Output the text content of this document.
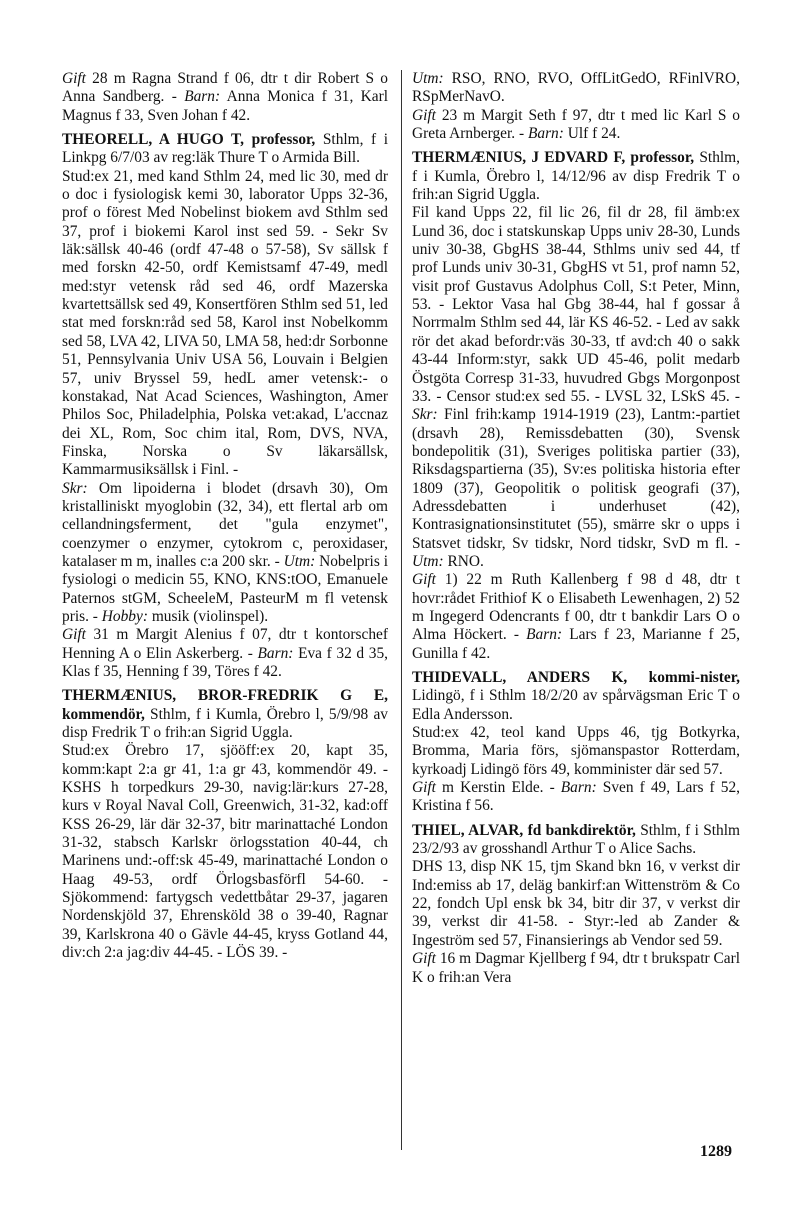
Gift 28 m Ragna Strand f 06, dtr t dir Robert S o Anna Sandberg. - Barn: Anna Monica f 31, Karl Magnus f 33, Sven Johan f 42.

THEORELL, A HUGO T, professor, Sthlm, f i Linkpg 6/7/03 av reg:läk Thure T o Armida Bill.

Stud:ex 21, med kand Sthlm 24, med lic 30, med dr o doc i fysiologisk kemi 30, laborator Upps 32-36, prof o förest Med Nobelinst biokem avd Sthlm sed 37, prof i biokemi Karol inst sed 59. - Sekr Sv läk:sällsk 40-46 (ordf 47-48 o 57-58), Sv sällsk f med forskn 42-50, ordf Kemistsamf 47-49, medl med:styr vetensk råd sed 46, ordf Mazerska kvartettsällsk sed 49, Konsertfören Sthlm sed 51, led stat med forskn:råd sed 58, Karol inst Nobelkomm sed 58, LVA 42, LIVA 50, LMA 58, hed:dr Sorbonne 51, Pennsylvania Univ USA 56, Louvain i Belgien 57, univ Bryssel 59, hedL amer vetensk:- o konstakad, Nat Acad Sciences, Washington, Amer Philos Soc, Philadelphia, Polska vet:akad, L'accnaz dei XL, Rom, Soc chim ital, Rom, DVS, NVA, Finska, Norska o Sv läkarsällsk, Kammarmusiksällsk i Finl. -

Skr: Om lipoiderna i blodet (drsavh 30), Om kristalliniskt myoglobin (32, 34), ett flertal arb om cellandningsferment, det "gula enzymet", coenzymer o enzymer, cytokrom c, peroxidaser, katalaser m m, inalles c:a 200 skr. - Utm: Nobelpris i fysiologi o medicin 55, KNO, KNS:tOO, Emanuele Paternos stGM, ScheeleM, PasteurM m fl vetensk pris. - Hobby: musik (violinspel).

Gift 31 m Margit Alenius f 07, dtr t kontorschef Henning A o Elin Askerberg. - Barn: Eva f 32 d 35, Klas f 35, Henning f 39, Töres f 42.

THERMÆNIUS, BROR-FREDRIK G E, kommendör, Sthlm, f i Kumla, Örebro l, 5/9/98 av disp Fredrik T o frih:an Sigrid Uggla.

Stud:ex Örebro 17, sjööff:ex 20, kapt 35, komm:kapt 2:a gr 41, 1:a gr 43, kommendör 49. - KSHS h torpedkurs 29-30, navig:lär:kurs 27-28, kurs v Royal Naval Coll, Greenwich, 31-32, kad:off KSS 26-29, lär där 32-37, bitr marinattaché London 31-32, stabsch Karlskr örlogsstation 40-44, ch Marinens und:-off:sk 45-49, marinattaché London o Haag 49-53, ordf Örlogsbasförfl 54-60. - Sjökommend: fartygsch vedettbåtar 29-37, jagaren Nordenskjöld 37, Ehrensköld 38 o 39-40, Ragnar 39, Karlskrona 40 o Gävle 44-45, kryss Gotland 44, div:ch 2:a jag:div 44-45. - LÖS 39. -

Utm: RSO, RNO, RVO, OffLitGedO, RFinlVRO, RSpMerNavO.

Gift 23 m Margit Seth f 97, dtr t med lic Karl S o Greta Arnberger. - Barn: Ulf f 24.

THERMÆNIUS, J EDVARD F, professor, Sthlm, f i Kumla, Örebro l, 14/12/96 av disp Fredrik T o frih:an Sigrid Uggla.

Fil kand Upps 22, fil lic 26, fil dr 28, fil ämb:ex Lund 36, doc i statskunskap Upps univ 28-30, Lunds univ 30-38, GbgHS 38-44, Sthlms univ sed 44, tf prof Lunds univ 30-31, GbgHS vt 51, prof namn 52, visit prof Gustavus Adolphus Coll, S:t Peter, Minn, 53. - Lektor Vasa hal Gbg 38-44, hal f gossar å Norrmalm Sthlm sed 44, lär KS 46-52. - Led av sakk rör det akad befordr:väs 30-33, tf avd:ch 40 o sakk 43-44 Inform:styr, sakk UD 45-46, polit medarb Östgöta Corresp 31-33, huvudred Gbgs Morgonpost 33. - Censor stud:ex sed 55. - LVSL 32, LSkS 45. - Skr: Finl frih:kamp 1914-1919 (23), Lantm:-partiet (drsavh 28), Remissdebatten (30), Svensk bondepolitik (31), Sveriges politiska partier (33), Riksdagspartierna (35), Sv:es politiska historia efter 1809 (37), Geopolitik o politisk geografi (37), Adressdebatten i underhuset (42), Kontrasignationsinstitutet (55), smärre skr o upps i Statsvet tidskr, Sv tidskr, Nord tidskr, SvD m fl. - Utm: RNO.

Gift 1) 22 m Ruth Kallenberg f 98 d 48, dtr t hovr:rådet Frithiof K o Elisabeth Lewenhagen, 2) 52 m Ingegerd Odencrants f 00, dtr t bankdir Lars O o Alma Höckert. - Barn: Lars f 23, Marianne f 25, Gunilla f 42.

THIDEVALL, ANDERS K, kommi-nister, Lidingö, f i Sthlm 18/2/20 av spårvägsman Eric T o Edla Andersson.

Stud:ex 42, teol kand Upps 46, tjg Botkyrka, Bromma, Maria förs, sjömanspastor Rotterdam, kyrkoadj Lidingö förs 49, komminister där sed 57.

Gift m Kerstin Elde. - Barn: Sven f 49, Lars f 52, Kristina f 56.

THIEL, ALVAR, fd bankdirektör, Sthlm, f i Sthlm 23/2/93 av grosshandl Arthur T o Alice Sachs.

DHS 13, disp NK 15, tjm Skand bkn 16, v verkst dir Ind:emiss ab 17, deläg bankirf:an Wittenström & Co 22, fondch Upl ensk bk 34, bitr dir 37, v verkst dir 39, verkst dir 41-58. - Styr:-led ab Zander & Ingeström sed 57, Finansierings ab Vendor sed 59.

Gift 16 m Dagmar Kjellberg f 94, dtr t brukspatr Carl K o frih:an Vera

1289
